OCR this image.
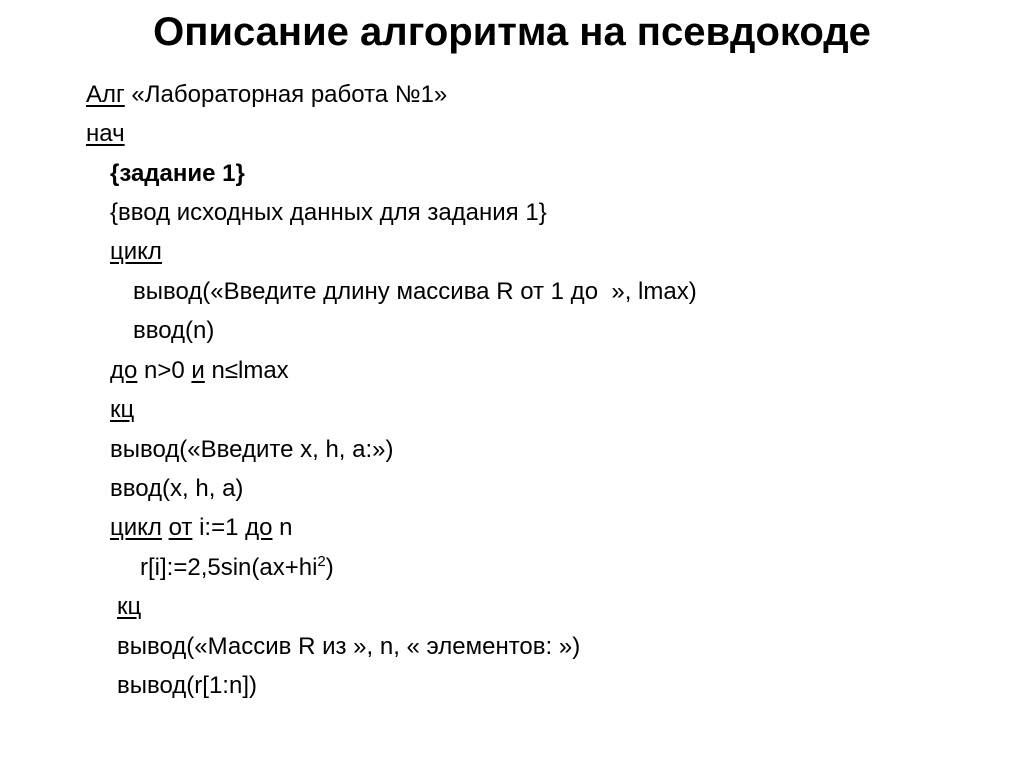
Описание алгоритма на псевдокоде
Алг «Лабораторная работа №1»
нач
{задание 1}
{ввод исходных данных для задания 1}
цикл
вывод(«Введите длину массива R от 1 до  », lmax)
ввод(n)
до n>0 и n≤lmax
кц
вывод(«Введите x, h, a:»)
ввод(x, h, a)
цикл от i:=1 до n
$r[i]:=2,5\sin(ax+hi^2)$
кц
вывод(«Массив R из », n, « элементов: »)
вывод(r[1:n])
